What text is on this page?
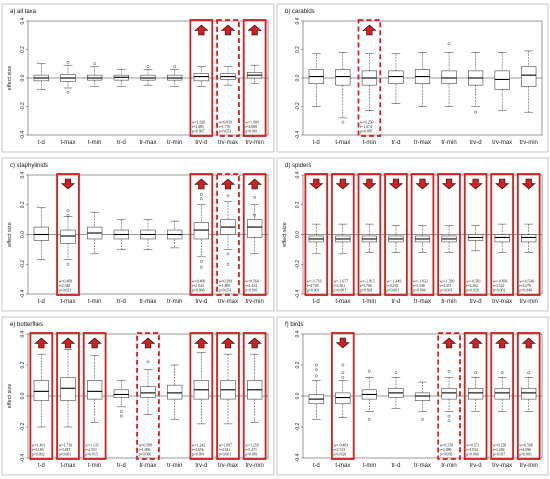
a) all taxa
effect size
0.4
0.2
0.0
-0.2
-0.4
t-d	t-max t-min	tr-d tr-max tr-min trv-d trv-max trv-min
w=1.626
t=3.485
p=0.007
w=0.839
t=1.776
p=0.053
w=1.904
t=4.068
p=0.001
b) carabids
0.4
0.2
0.0
-0.2
-0.4
t-d	t-max t-min	tr-d tr-max tr-min trv-d trv-max trv-min
w=0.250
t=1.674
p=0.087
c) staphylinids
effect size
0.4
0.2
0.0
-0.2
-0.4
t-d	t-max t-min	tr-d tr-max tr-min trv-d trv-max trv-min
w=0.468
t=2.548
p=0.021
w=0.469
t=2.944
p=0.006
w=0.299
t=1.895
p=0.074
w=0.564
t=4.434
p=0.001
d) spiders
effect size
0.4
0.2
0.0
-0.2
-0.4
t-d	t-max t-min	tr-d tr-max tr-min trv-d trv-max trv-min
w=-1.716
t=4.705
p=0.001
w=-1.677
t=4.561
p=0.001
w=-1.915
t=5.706
p=0.001
w=-1.449
t=4.235
p=0.001
w=-1.032
t=3.346
p=0.004
w=-1.590
t=4.351
p=0.001
w=-0.581
t=2.262
p=0.029
w=-0.839
t=3.522
p=0.002
w=-0.546
t=2.070
p=0.040
e) butterflies
effect size
0.4
0.2
0.0
-0.2
-0.4
t-d	t-max t-min	tr-d tr-max tr-min trv-d trv-max trv-min
w=1.401
t=3.183
p=0.002
w=1.716
t=3.847
p=0.001
w=1.135
t=2.551
p=0.015
w=0.588
t=1.906
p=0.066
w=1.242
t=4.656
p=0.001
w=1.097
t=4.541
p=0.001
w=1.259
t=5.471
p=0.001
f) birds
0.4
0.2
0.0
-0.2
-0.4
t-d	t-max t-min	tr-d tr-max tr-min trv-d trv-max trv-min
w=-0.403
t=2.513
p=0.028
w=0.558
t=2.086
p=0.058
w=0.571
t=3.034
p=0.006
w=0.258
t=2.284
p=0.037
w=0.568
t=4.096
p=0.001
